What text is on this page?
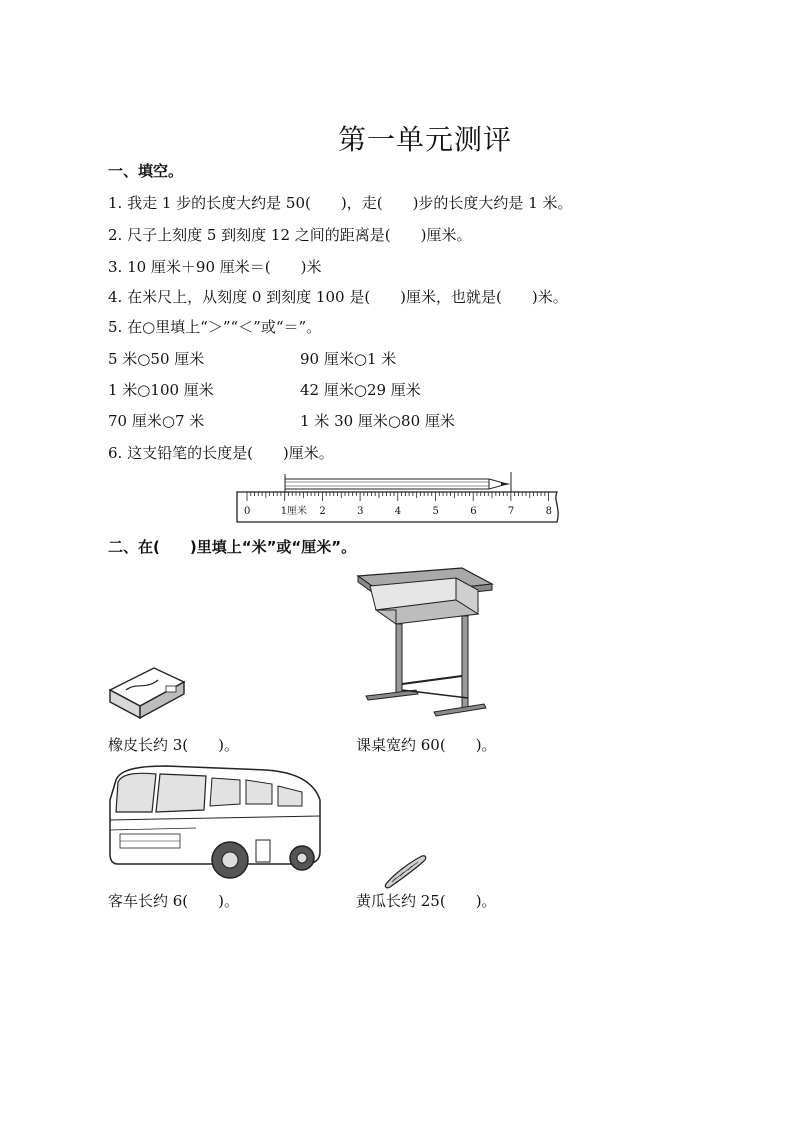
第一单元测评
一、填空。
1. 我走 1 步的长度大约是 50(　　)，走(　　)步的长度大约是 1 米。
2. 尺子上刻度 5 到刻度 12 之间的距离是(　　)厘米。
3. 10 厘米＋90 厘米＝(　　)米
4. 在米尺上，从刻度 0 到刻度 100 是(　　)厘米，也就是(　　)米。
5. 在○里填上“＞”“＜”或“＝”。
5 米○50 厘米	90 厘米○1 米
1 米○100 厘米	42 厘米○29 厘米
70 厘米○7 米	1 米 30 厘米○80 厘米
6. 这支铅笔的长度是(　　)厘米。
0	1厘米 2	3	4	5	6	7	8
二、在(　　)里填上“米”或“厘米”。
橡皮长约 3(　　)。	课桌宽约 60(　　)。
客车长约 6(　　)。	黄瓜长约 25(　　)。
